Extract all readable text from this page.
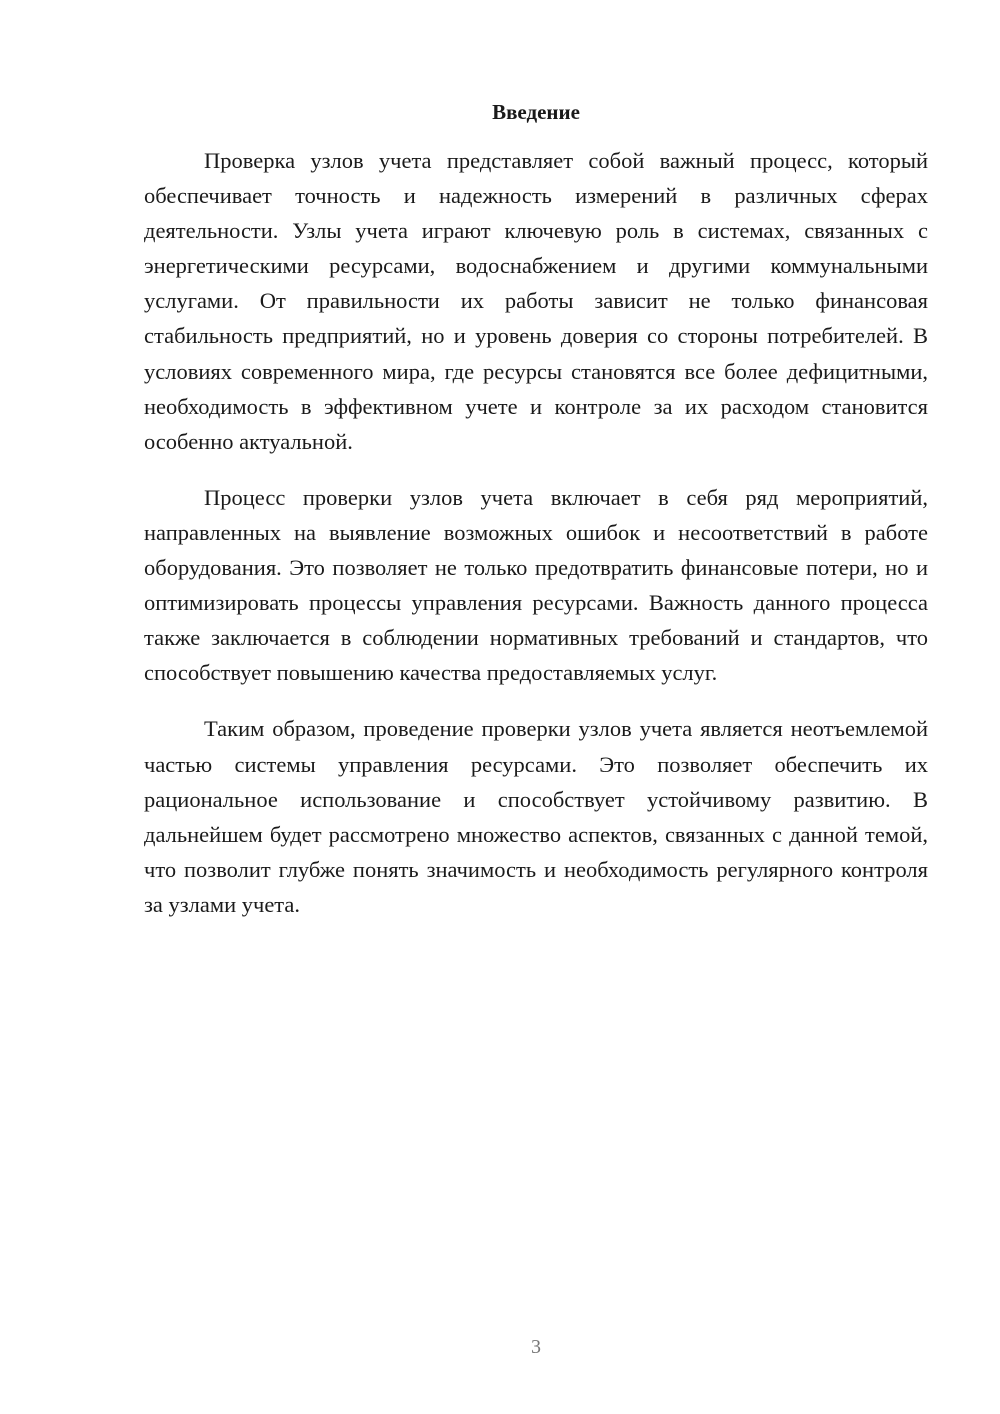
Введение

Проверка узлов учета представляет собой важный процесс, который обеспечивает точность и надежность измерений в различных сферах деятельности. Узлы учета играют ключевую роль в системах, связанных с энергетическими ресурсами, водоснабжением и другими коммунальными услугами. От правильности их работы зависит не только финансовая стабильность предприятий, но и уровень доверия со стороны потребителей. В условиях современного мира, где ресурсы становятся все более дефицитными, необходимость в эффективном учете и контроле за их расходом становится особенно актуальной.

Процесс проверки узлов учета включает в себя ряд мероприятий, направленных на выявление возможных ошибок и несоответствий в работе оборудования. Это позволяет не только предотвратить финансовые потери, но и оптимизировать процессы управления ресурсами. Важность данного процесса также заключается в соблюдении нормативных требований и стандартов, что способствует повышению качества предоставляемых услуг.

Таким образом, проведение проверки узлов учета является неотъемлемой частью системы управления ресурсами. Это позволяет обеспечить их рациональное использование и способствует устойчивому развитию. В дальнейшем будет рассмотрено множество аспектов, связанных с данной темой, что позволит глубже понять значимость и необходимость регулярного контроля за узлами учета.

3
